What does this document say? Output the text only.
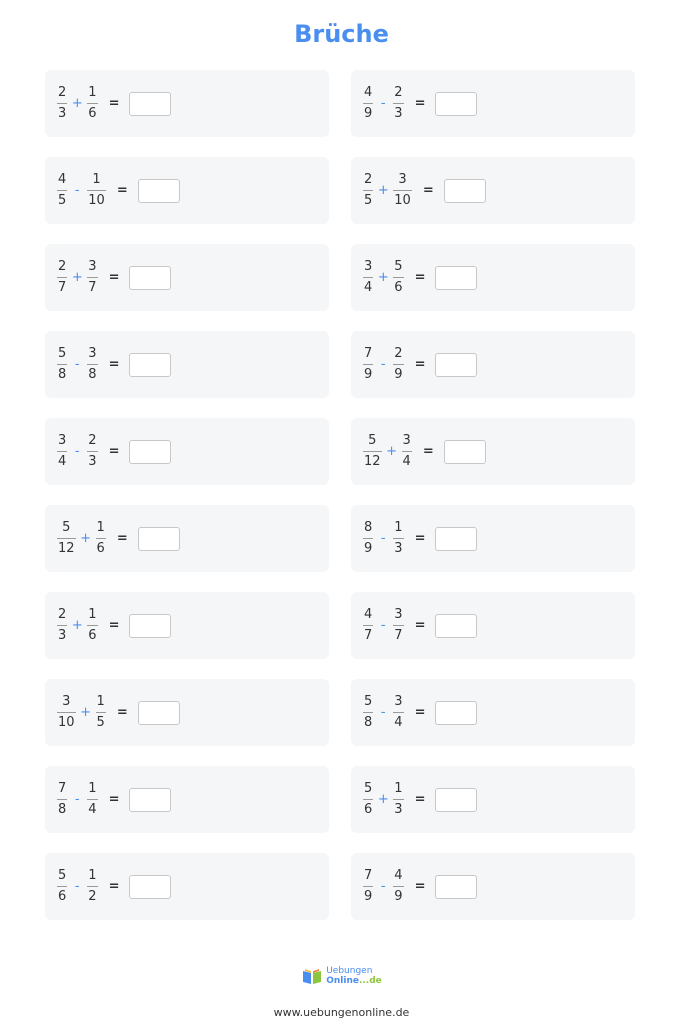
Brüche
$\frac{2}{3} + \frac{1}{6}$ =	$\frac{4}{9} - \frac{2}{3}$ =
$\frac{4}{5} - \frac{1}{10}$ =	$\frac{2}{5} + \frac{3}{10}$ =
$\frac{2}{7} + \frac{3}{7}$ =	$\frac{3}{4} + \frac{5}{6}$ =
$\frac{5}{8} - \frac{3}{8}$ =	$\frac{7}{9} - \frac{2}{9}$ =
$\frac{3}{4} - \frac{2}{3}$ =	$\frac{5}{12} + \frac{3}{4}$ =
$\frac{5}{12} + \frac{1}{6}$ =	$\frac{8}{9} - \frac{1}{3}$ =
$\frac{2}{3} + \frac{1}{6}$ =	$\frac{4}{7} - \frac{3}{7}$ =
$\frac{3}{10} + \frac{1}{5}$ =	$\frac{5}{8} - \frac{3}{4}$ =
$\frac{7}{8} - \frac{1}{4}$ =	$\frac{5}{6} + \frac{1}{3}$ =
$\frac{5}{6} - \frac{1}{2}$ =	$\frac{7}{9} - \frac{4}{9}$ =
Uebungen
Online...de
www.uebungenonline.de
